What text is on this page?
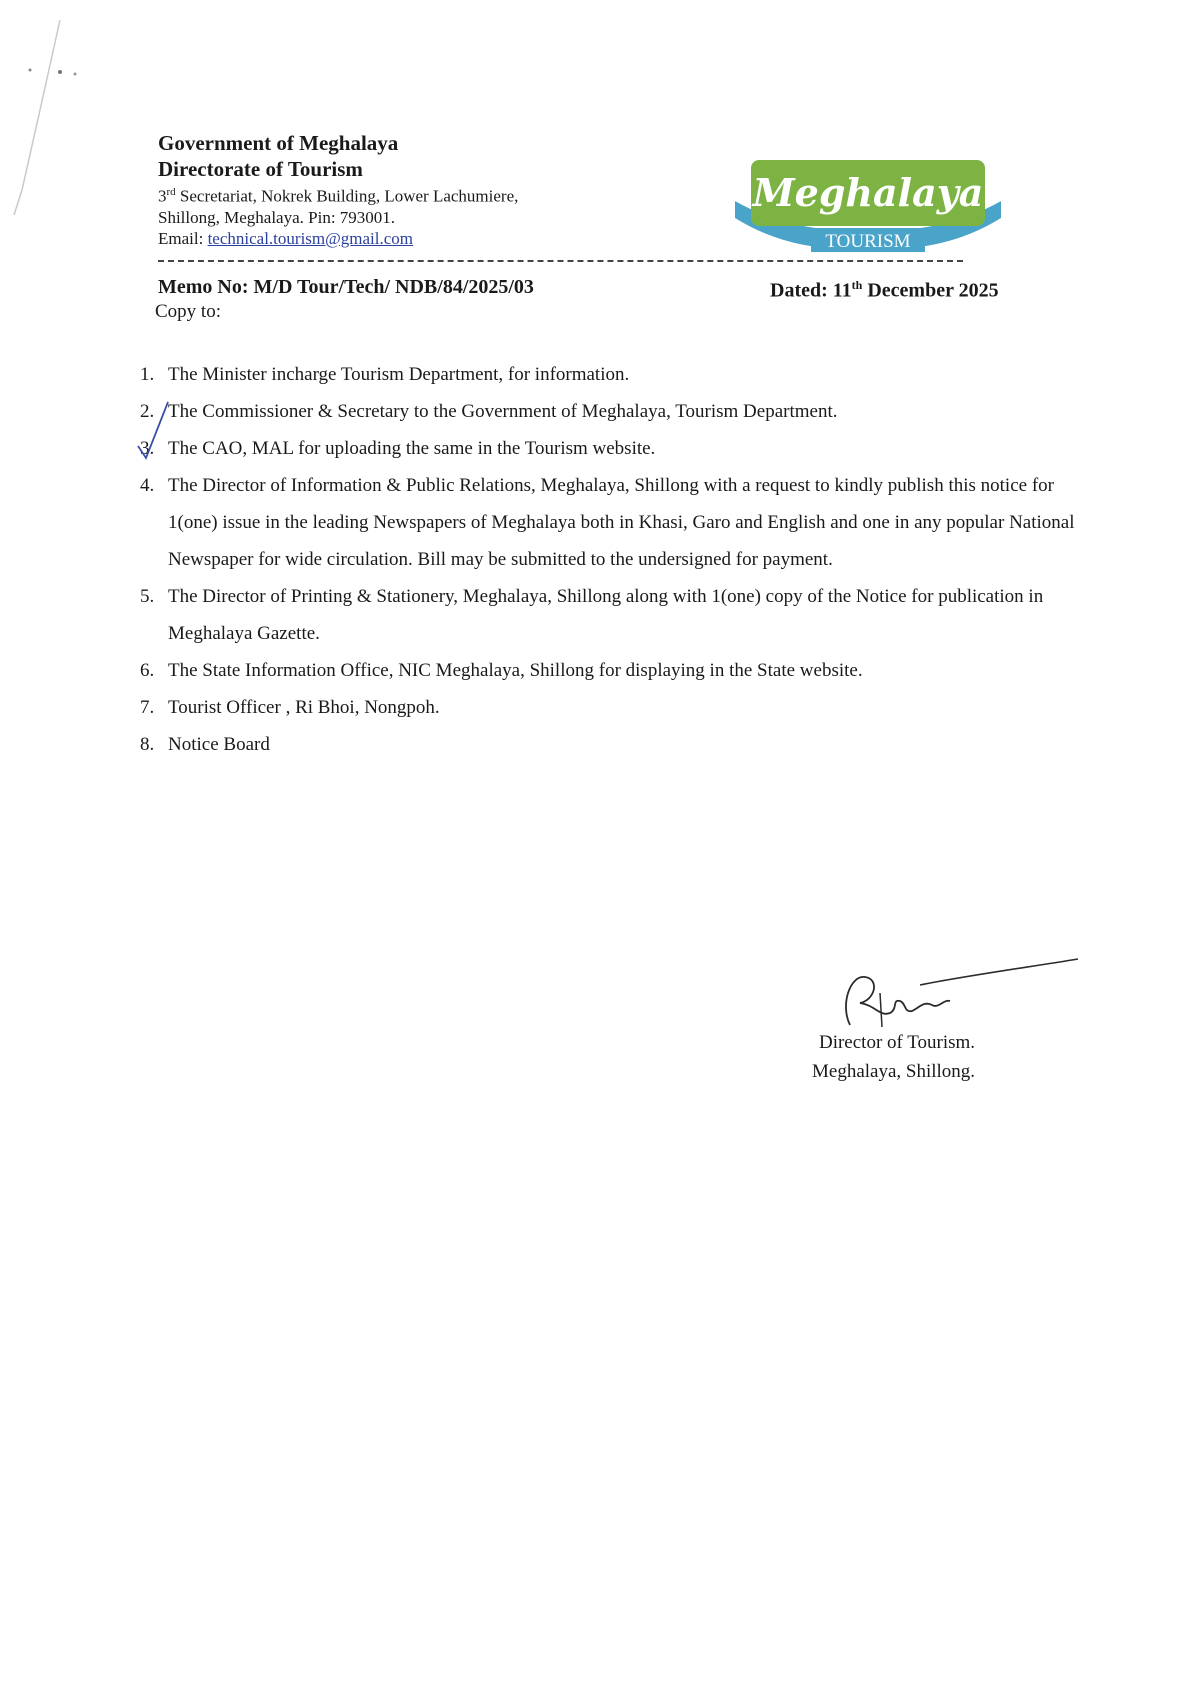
Government of Meghalaya

Directorate of Tourism

3rd Secretariat, Nokrek Building, Lower Lachumiere,

Shillong, Meghalaya. Pin: 793001.

Email: technical.tourism@gmail.com

Meghalaya
TOURISM
Memo No: M/D Tour/Tech/ NDB/84/2025/03	Dated: 11th December 2025
Copy to:
1. The Minister incharge Tourism Department, for information.
2. The Commissioner & Secretary to the Government of Meghalaya, Tourism Department.
3. The CAO, MAL for uploading the same in the Tourism website.
4. The Director of Information & Public Relations, Meghalaya, Shillong with a request to kindly publish this notice for 1(one) issue in the leading Newspapers of Meghalaya both in Khasi, Garo and English and one in any popular National Newspaper for wide circulation. Bill may be submitted to the undersigned for payment.
5. The Director of Printing & Stationery, Meghalaya, Shillong along with 1(one) copy of the Notice for publication in Meghalaya Gazette.
6. The State Information Office, NIC Meghalaya, Shillong for displaying in the State website.
7. Tourist Officer , Ri Bhoi, Nongpoh.
8. Notice Board
Director of Tourism.
Meghalaya, Shillong.
